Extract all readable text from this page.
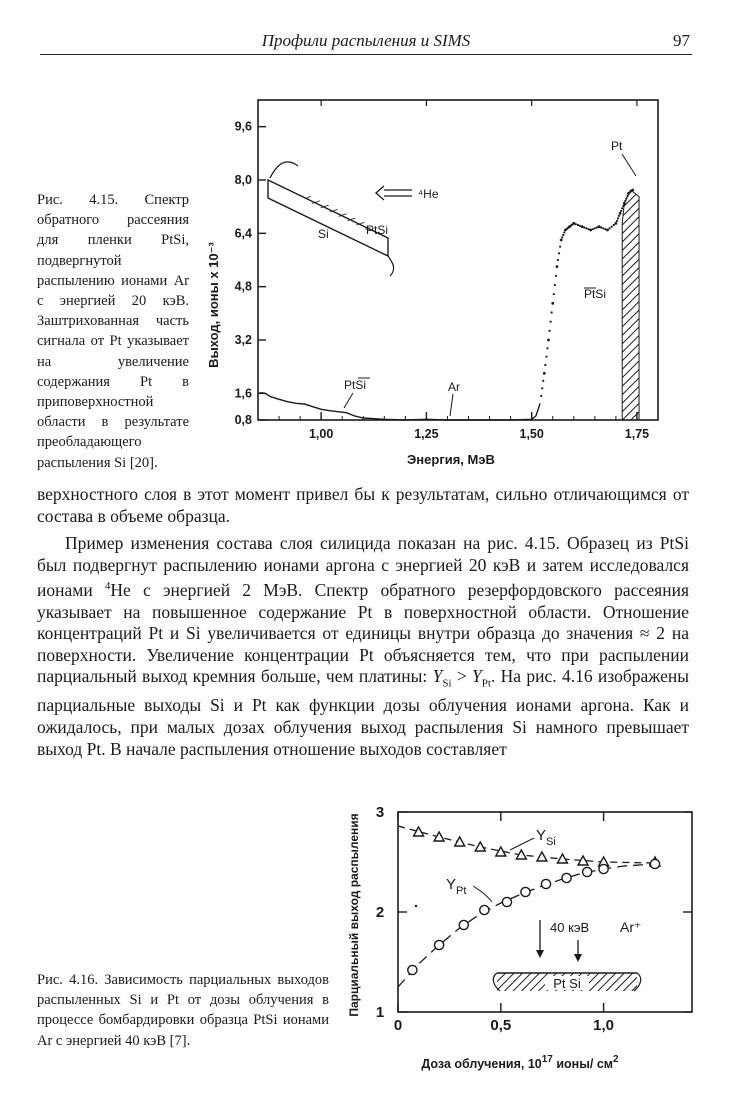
Профили распыления и SIMS	97
Рис. 4.15. Спектр обратного рассеяния для пленки PtSi, подвергнутой распылению ионами Ar с энергией 20 кэВ. Заштрихованная часть сигнала от Pt указывает на увеличение содержания Pt в приповерхностной области в результате преобладающего распыления Si [20].
0,8
1,6
3,2
4,8
6,4
8,0
9,6
1,00	1,25	1,50	1,75
Энергия, МэВ
Выход, ионы x 10⁻³
Pt
PtSi
PtSi	Ar
Si	PtSi
⁴He

верхностного слоя в этот момент привел бы к результатам, сильно отличающимся от состава в объеме образца.

Пример изменения состава слоя силицида показан на рис. 4.15. Образец из PtSi был подвергнут распылению ионами аргона с энергией 20 кэВ и затем исследовался ионами $^4$He с энергией 2 МэВ. Спектр обратного резерфордовского рассеяния указывает на повышенное содержание Pt в поверхностной области. Отношение концентраций Pt и Si увеличивается от единицы внутри образца до значения ≈ 2 на поверхности. Увеличение концентрации Pt объясняется тем, что при распылении парциальный выход кремния больше, чем платины: $Y_{Si} > Y_{Pt}$. На рис. 4.16 изображены парциальные выходы Si и Pt как функции дозы облучения ионами аргона. Как и ожидалось, при малых дозах облучения выход распыления Si намного превышает выход Pt. В начале распыления отношение выходов составляет

Рис. 4.16. Зависимость парциальных выходов распыленных Si и Pt от дозы облучения в процессе бомбардировки образца PtSi ионами Ar с энергией 40 кэВ [7].
1
2
3
0	0,5	1,0
Доза облучения, $10^{17}$ ионы/ $см^2$
Парциальный выход распыления	$Y_{Si}$
$Y_{Pt}$
40 кэВ Ar⁺
Pt Si
